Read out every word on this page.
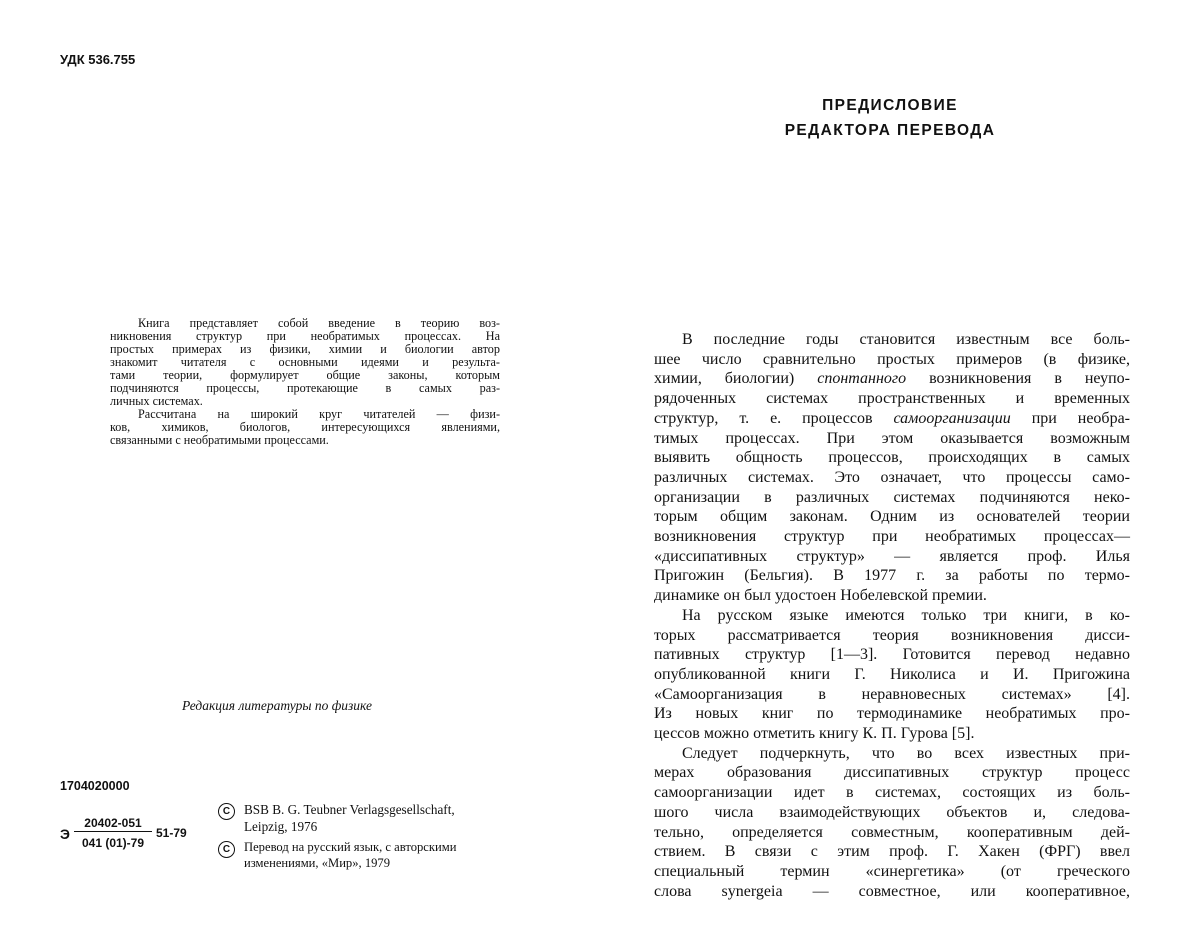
УДК 536.755
Книга представляет собой введение в теорию воз-
никновения структур при необратимых процессах. На
простых примерах из физики, химии и биологии автор
знакомит читателя с основными идеями и результа-
тами теории, формулирует общие законы, которым
подчиняются процессы, протекающие в самых раз-
личных системах.
Рассчитана на широкий круг читателей — физи-
ков, химиков, биологов, интересующихся явлениями,
связанными с необратимыми процессами.
Редакция литературы по физике
1704020000
Э
20402-051
041 (01)-79
51-79
C	BSB B. G. Teubner Verlagsgesellschaft,
Leipzig, 1976
C	Перевод на русский язык, с авторскими
изменениями, «Мир», 1979
ПРЕДИСЛОВИЕ
РЕДАКТОРА ПЕРЕВОДА
В последние годы становится известным все боль-
шее число сравнительно простых примеров (в физике,
химии, биологии) спонтанного возникновения в неупо-
рядоченных системах пространственных и временных
структур, т. е. процессов самоорганизации при необра-
тимых процессах. При этом оказывается возможным
выявить общность процессов, происходящих в самых
различных системах. Это означает, что процессы само-
организации в различных системах подчиняются неко-
торым общим законам. Одним из основателей теории
возникновения структур при необратимых процессах—
«диссипативных структур» — является проф. Илья
Пригожин (Бельгия). В 1977 г. за работы по термо-
динамике он был удостоен Нобелевской премии.
На русском языке имеются только три книги, в ко-
торых рассматривается теория возникновения дисси-
пативных структур [1—3]. Готовится перевод недавно
опубликованной книги Г. Николиса и И. Пригожина
«Самоорганизация в неравновесных системах» [4].
Из новых книг по термодинамике необратимых про-
цессов можно отметить книгу К. П. Гурова [5].
Следует подчеркнуть, что во всех известных при-
мерах образования диссипативных структур процесс
самоорганизации идет в системах, состоящих из боль-
шого числа взаимодействующих объектов и, следова-
тельно, определяется совместным, кооперативным дей-
ствием. В связи с этим проф. Г. Хакен (ФРГ) ввел
специальный термин «синергетика» (от греческого
слова synergeia — совместное, или кооперативное,
